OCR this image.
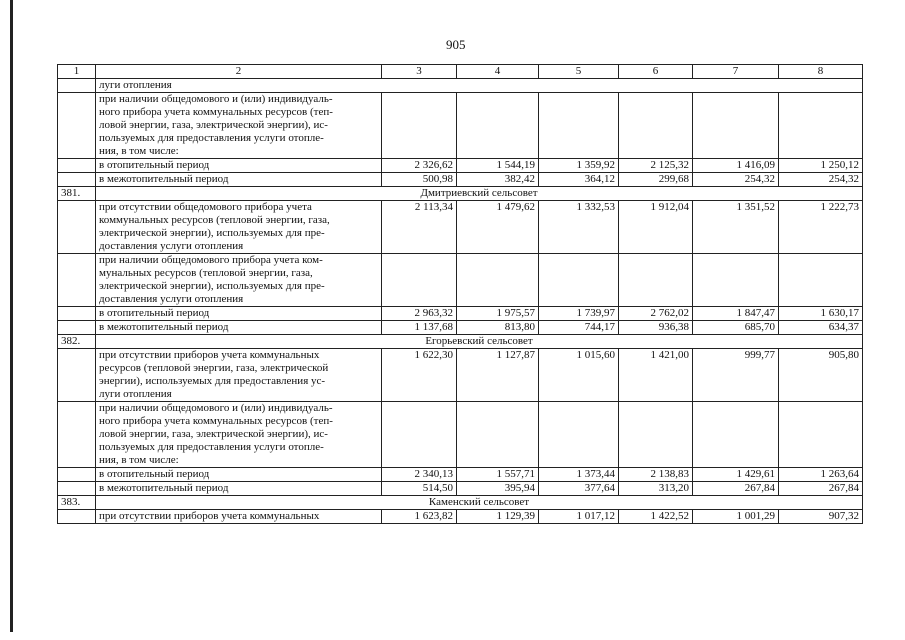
905
1	2	3	4	5	6	7	8
	луги отопления						
	при наличии общедомового и (или) индивидуаль-
ного прибора учета коммунальных ресурсов (теп-
ловой энергии, газа, электрической энергии), ис-
пользуемых для предоставления услуги отопле-
ния, в том числе:						
	в отопительный период	2 326,62	1 544,19	1 359,92	2 125,32	1 416,09	1 250,12
	в межотопительный период	500,98	382,42	364,12	299,68	254,32	254,32
381.	Дмитриевский сельсовет						
	при отсутствии общедомового прибора учета
коммунальных ресурсов (тепловой энергии, газа,
электрической энергии), используемых для пре-
доставления услуги отопления	2 113,34	1 479,62	1 332,53	1 912,04	1 351,52	1 222,73
	при наличии общедомового прибора учета ком-
мунальных ресурсов (тепловой энергии, газа,
электрической энергии), используемых для пре-
доставления услуги отопления						
	в отопительный период	2 963,32	1 975,57	1 739,97	2 762,02	1 847,47	1 630,17
	в межотопительный период	1 137,68	813,80	744,17	936,38	685,70	634,37
382.	Егорьевский сельсовет						
	при отсутствии приборов учета коммунальных
ресурсов (тепловой энергии, газа, электрической
энергии), используемых для предоставления ус-
луги отопления	1 622,30	1 127,87	1 015,60	1 421,00	999,77	905,80
	при наличии общедомового и (или) индивидуаль-
ного прибора учета коммунальных ресурсов (теп-
ловой энергии, газа, электрической энергии), ис-
пользуемых для предоставления услуги отопле-
ния, в том числе:						
	в отопительный период	2 340,13	1 557,71	1 373,44	2 138,83	1 429,61	1 263,64
	в межотопительный период	514,50	395,94	377,64	313,20	267,84	267,84
383.	Каменский сельсовет						
	при отсутствии приборов учета коммунальных	1 623,82	1 129,39	1 017,12	1 422,52	1 001,29	907,32
